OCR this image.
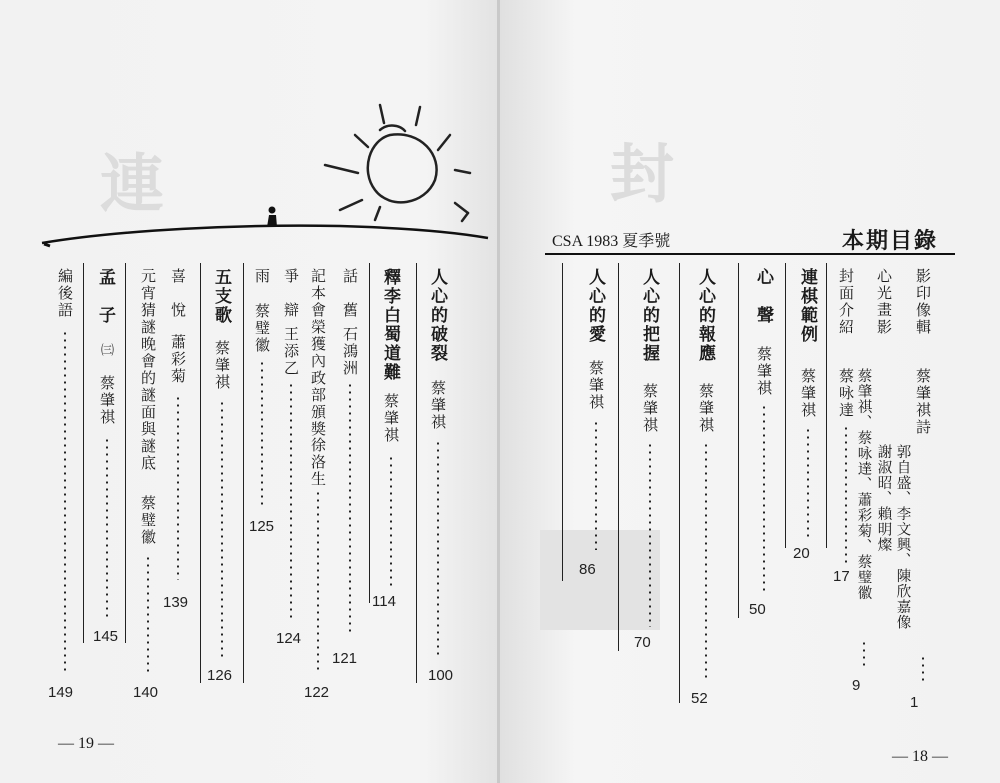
連
人心的破裂
蔡肇祺
100
釋李白蜀道難
蔡肇祺
114
話　舊
石鴻洲
121
記本會榮獲內政部頒獎
徐洛生
122
爭　辯
王添乙
124
雨
蔡璧徽
125
五支歌
蔡肇祺
126
喜　悅
蕭彩菊
139
元宵猜謎晚會的謎面與謎底
蔡璧徽
140
孟　子
㈢
蔡肇祺
145
編後語
149
— 19 —
封
CSA 1983 夏季號	本期目錄
影印像輯
蔡肇祺詩
郭自盛、李文興、陳欣嘉像
謝淑昭、賴明燦
1
心光畫影
蔡肇祺、蔡咏達、蕭彩菊、蔡璧徽
9
封面介紹
蔡咏達
17
連棋範例
蔡肇祺
20
心　聲
蔡肇祺
50
人心的報應
蔡肇祺
52
人心的把握
蔡肇祺
70
人心的愛
蔡肇祺
86
— 18 —
